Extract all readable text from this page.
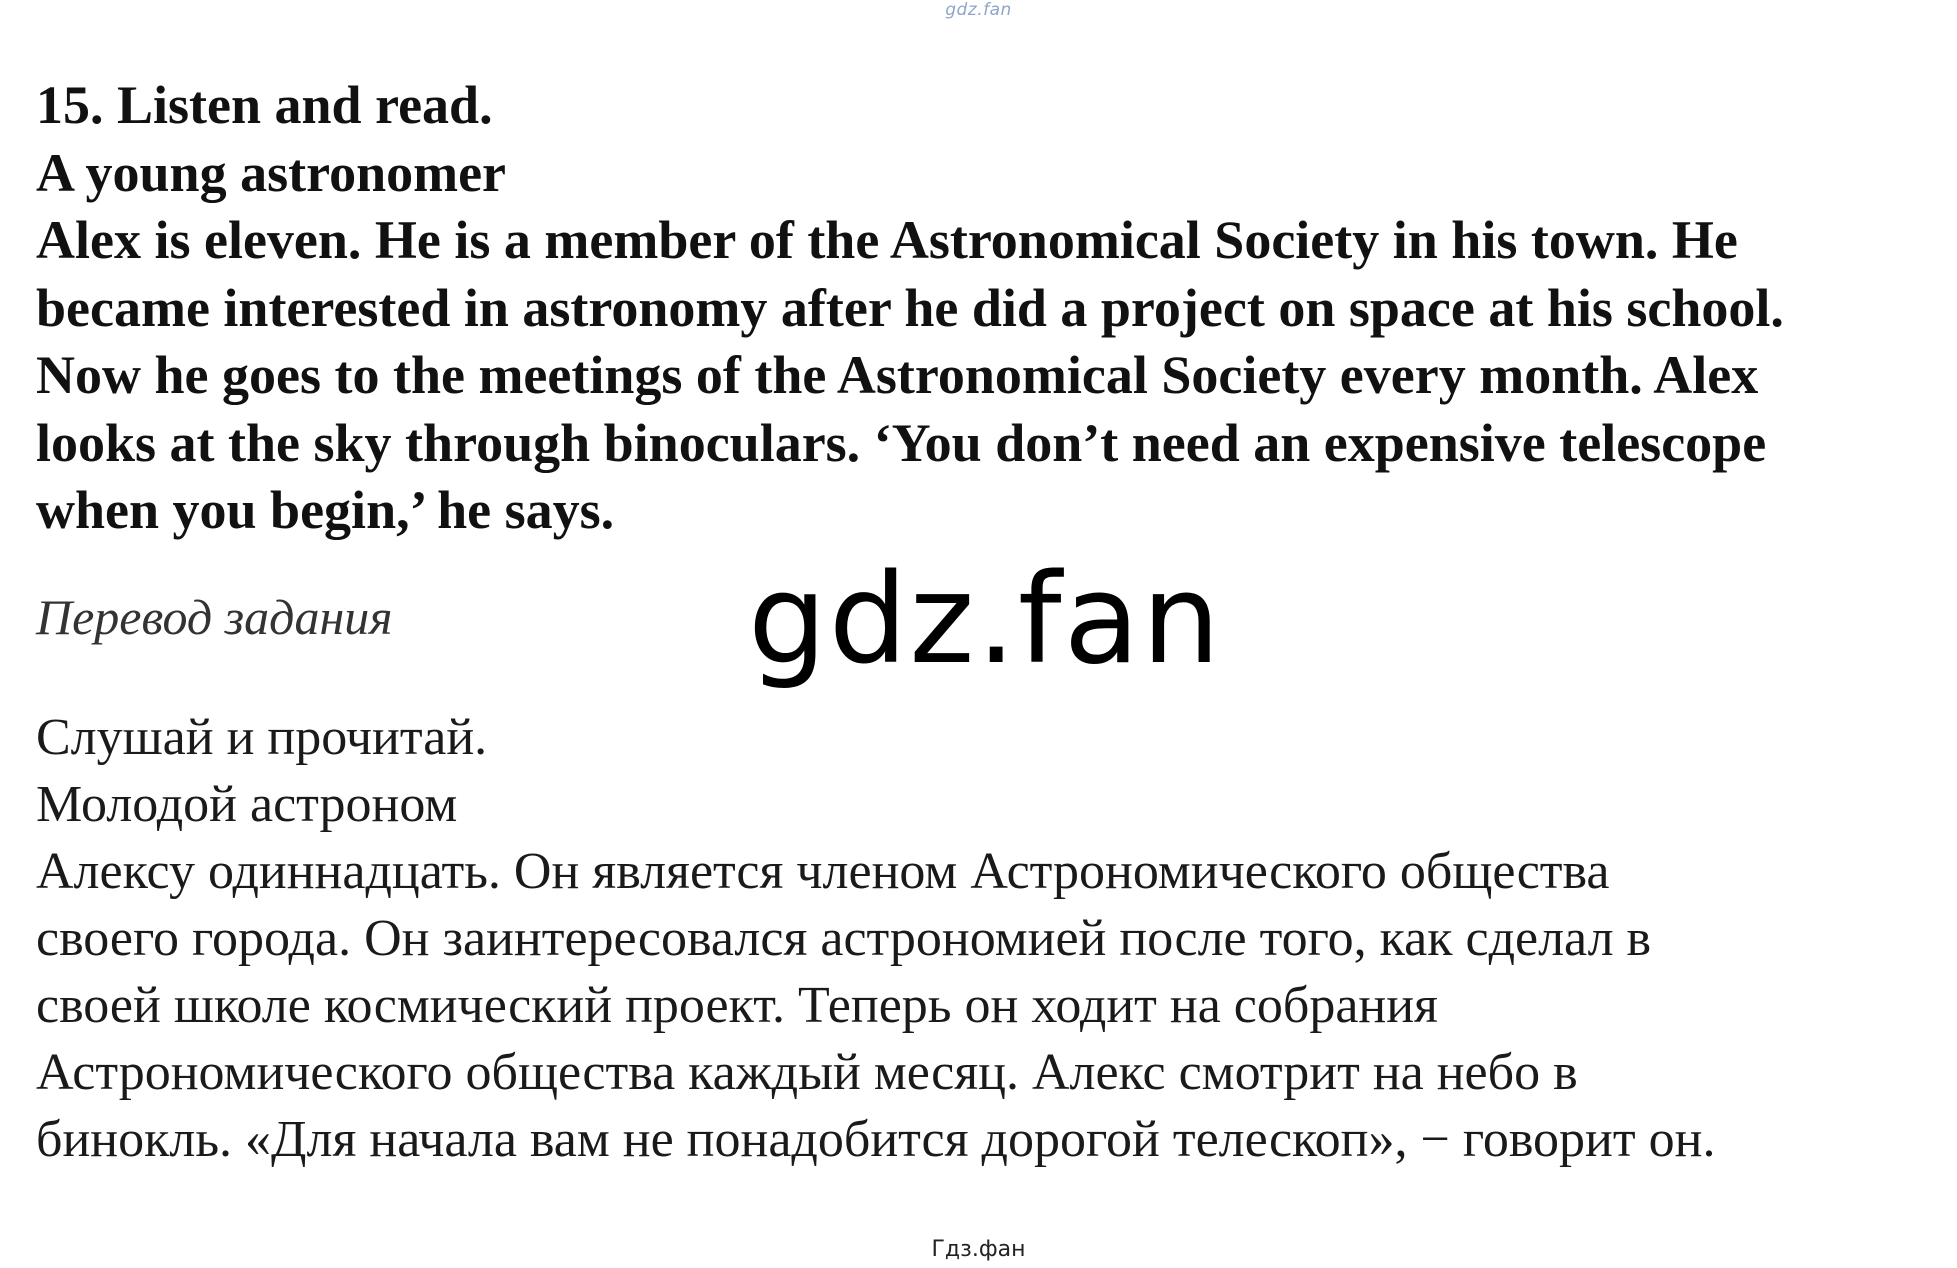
gdz.fan
15. Listen and read.
A young astronomer
Alex is eleven. He is a member of the Astronomical Society in his town. He
became interested in astronomy after he did a project on space at his school.
Now he goes to the meetings of the Astronomical Society every month. Alex
looks at the sky through binoculars. ‘You don’t need an expensive telescope
when you begin,’ he says.
Перевод задания	gdz.fan
Слушай и прочитай.
Молодой астроном
Алексу одиннадцать. Он является членом Астрономического общества
своего города. Он заинтересовался астрономией после того, как сделал в
своей школе космический проект. Теперь он ходит на собрания
Астрономического общества каждый месяц. Алекс смотрит на небо в
бинокль. «Для начала вам не понадобится дорогой телескоп», − говорит он.
Гдз.фан
